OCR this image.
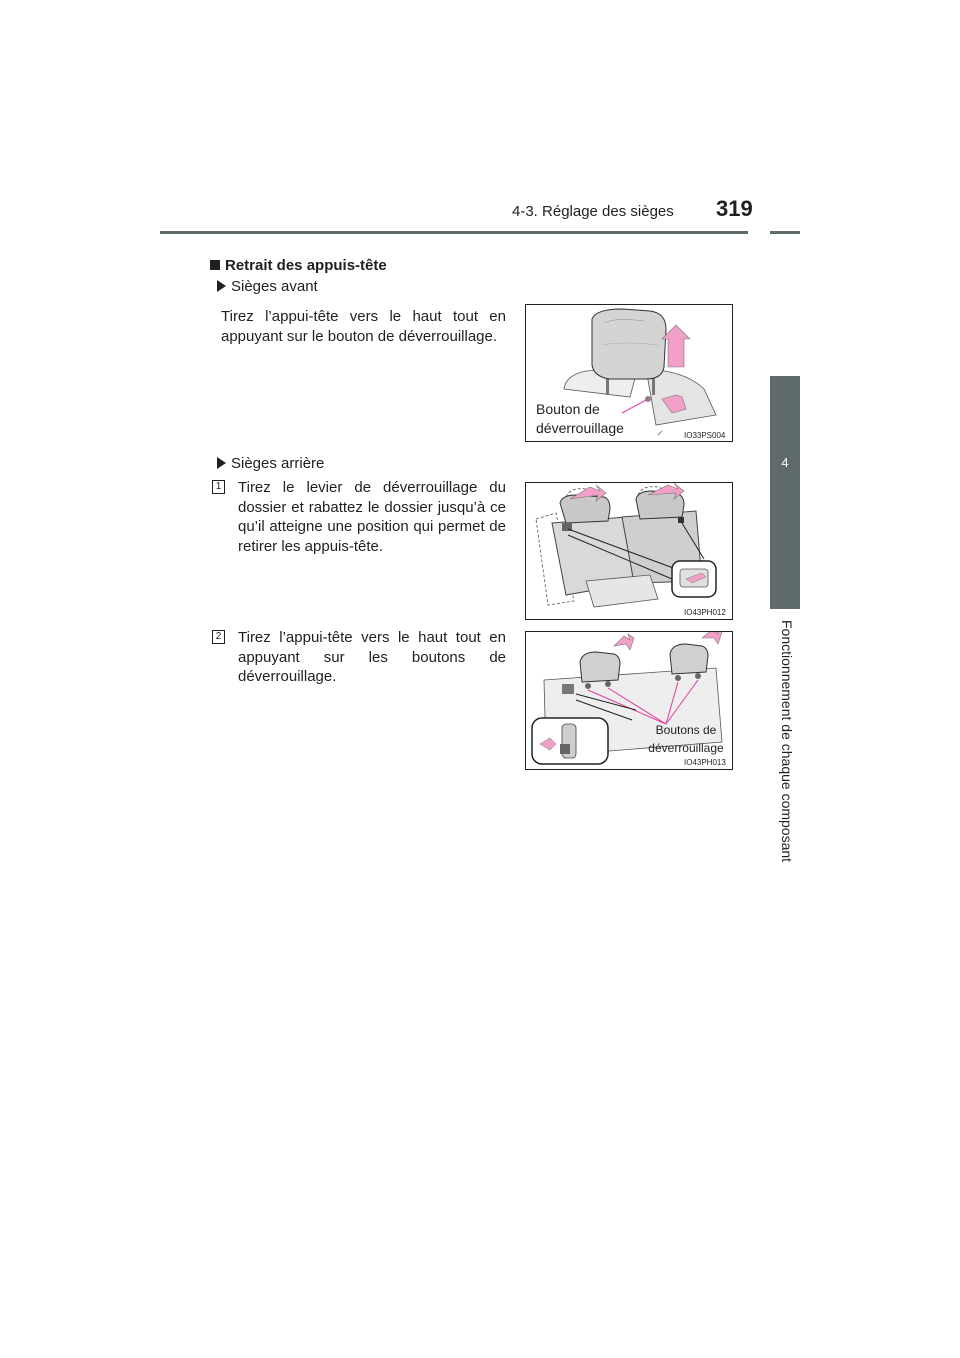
4-3. Réglage des sièges 319
4
Fonctionnement de chaque composant
Retrait des appuis-tête
Sièges avant
Tirez l’appui-tête vers le haut tout en appuyant sur le bouton de déverrouillage.
Bouton de
déverrouillage	IO33PS004
Sièges arrière
1 Tirez le levier de déverrouillage du dossier et rabattez le dossier jusqu’à ce qu’il atteigne une position qui permet de retirer les appuis-tête.
IO43PH012
2 Tirez l’appui-tête vers le haut tout en appuyant sur les boutons de déverrouillage.
Boutons de
déverrouillage
IO43PH013
